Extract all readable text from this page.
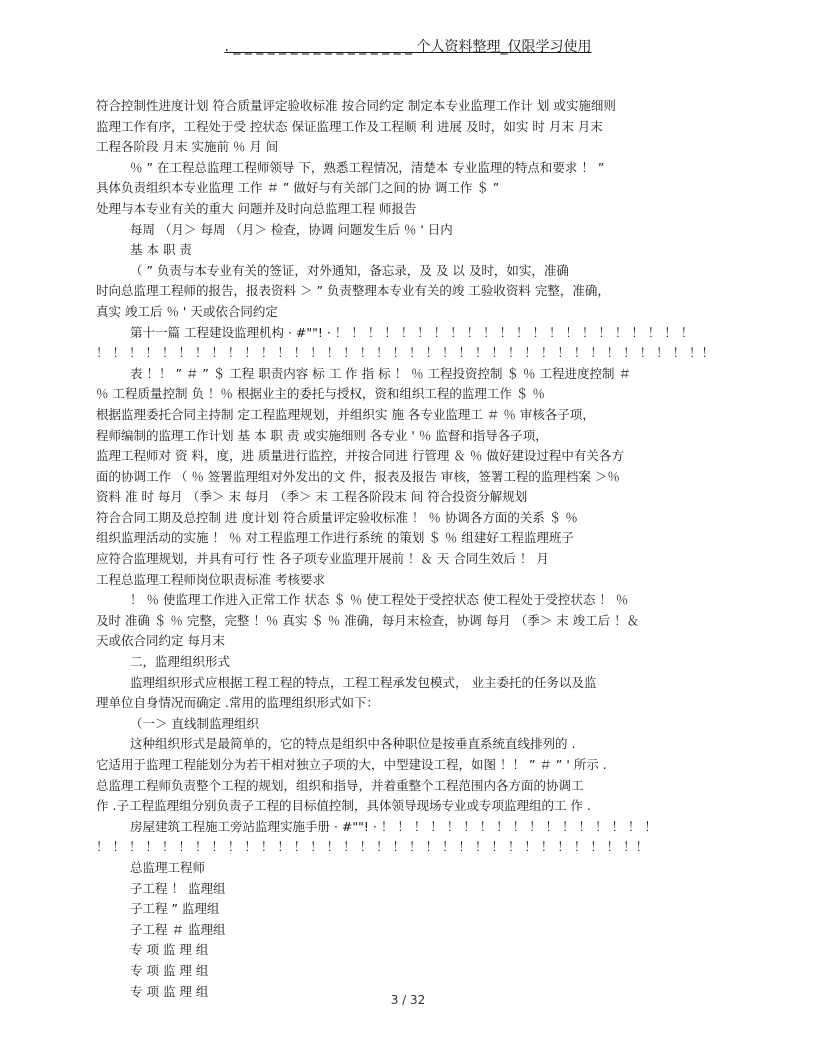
. _ _ _ _ _ _ _ _ _ _ _ _ _ _ _ _ 个人资料整理_仅限学习使用
符合控制性进度计划 符合质量评定验收标准 按合同约定 制定本专业监理工作计 划 或实施细则
监理工作有序，工程处于受 控状态 保证监理工作及工程顺 利 进展 及时，如实 时 月末 月末
工程各阶段 月末 实施前 ％ 月 间
％ ” 在工程总监理工程师领导 下，熟悉工程情况，清楚本 专业监理的特点和要求 ！ ”
具体负责组织本专业监理 工作 ＃ ” 做好与有关部门之间的协 调工作 ＄ ”
处理与本专业有关的重大 问题并及时向总监理工程 师报告
每周 （月＞ 每周 （月＞ 检查，协调 问题发生后 ％ ' 日内
基 本 职 责
（ ” 负责与本专业有关的签证，对外通知，备忘录，及 及 以 及时，如实，准确
时向总监理工程师的报告，报表资料 ＞ ” 负责整理本专业有关的竣 工验收资料 完整，准确，
真实 竣工后 ％ ' 天或依合同约定
第十一篇 工程建设监理机构 · #""! · ！ ！ ！ ！ ！ ！ ！ ！ ！ ！ ！ ！ ！ ！ ！ ！ ！ ！ ！ ！ ！ ！
！ ！ ！ ！ ！ ！ ！ ！ ！ ！ ！ ！ ！ ！ ！ ！ ！ ！ ！ ！ ！ ！ ！ ！ ！ ！ ！ ！ ！ ！ ！ ！ ！ ！ ！ ！ ！！
表 ！！ ” ＃ ” ＄ 工程 职责内容 标 工 作 指 标 ！ ％ 工程投资控制 ＄ ％ 工程进度控制 ＃
％ 工程质量控制 负 ！％ 根据业主的委托与授权，资和组织工程的监理工作 ＄ ％
根据监理委托合同主持制 定工程监理规划，并组织实 施 各专业监理工 ＃ ％ 审核各子项，
程师编制的监理工作计划 基 本 职 责 或实施细则 各专业 ' ％ 监督和指导各子项，
监理工程师对 资 料，度，进 质量进行监控，并按合同进 行管理 ＆ ％ 做好建设过程中有关各方
面的协调工作 （ ％ 签署监理组对外发出的文 件，报表及报告 审核，签署工程的监理档案 ＞％
资料 准 时 每月 （季＞ 末 每月 （季＞ 末 工程各阶段末 间 符合投资分解规划
符合合同工期及总控制 进 度计划 符合质量评定验收标准 ！ ％ 协调各方面的关系 ＄ ％
组织监理活动的实施 ！ ％ 对工程监理工作进行系统 的策划 ＄ ％ 组建好工程监理班子
应符合监理规划，并具有可行 性 各子项专业监理开展前 ！＆ 天 合同生效后 ！ 月
工程总监理工程师岗位职责标准 考核要求
！ ％ 使监理工作进入正常工作 状态 ＄ ％ 使工程处于受控状态 使工程处于受控状态 ！ ％
及时 准确 ＄ ％ 完整，完整 ！％ 真实 ＄ ％ 准确，每月末检查，协调 每月 （季＞ 末 竣工后 ！＆
天或依合同约定 每月末
二，监理组织形式
监理组织形式应根据工程工程的特点，工程工程承发包模式， 业主委托的任务以及监
理单位自身情况而确定 .常用的监理组织形式如下：
（一＞ 直线制监理组织
这种组织形式是最简单的，它的特点是组织中各种职位是按垂直系统直线排列的 .
它适用于监理工程能划分为若干相对独立子项的大，中型建设工程，如图 ！！ ” ＃ ” ' 所示 .
总监理工程师负责整个工程的规划，组织和指导，并着重整个工程范围内各方面的协调工
作 .子工程监理组分别负责子工程的目标值控制，具体领导现场专业或专项监理组的工 作 .
房屋建筑工程施工旁站监理实施手册 · #""! · ！ ！ ！ ！ ！ ！ ！ ！ ！ ！ ！ ！ ！ ！ ！ ！ ！
！ ！ ！ ！ ！ ！ ！ ！ ！ ！ ！ ！ ！ ！ ！ ！ ！ ！ ！ ！ ！ ！ ！ ！ ！ ！ ！ ！ ！ ！ ！ ！ ！！
总监理工程师
子工程 ！ 监理组
子工程 ” 监理组
子工程 ＃ 监理组
专 项 监 理 组
专 项 监 理 组
专 项 监 理 组
3 / 32
